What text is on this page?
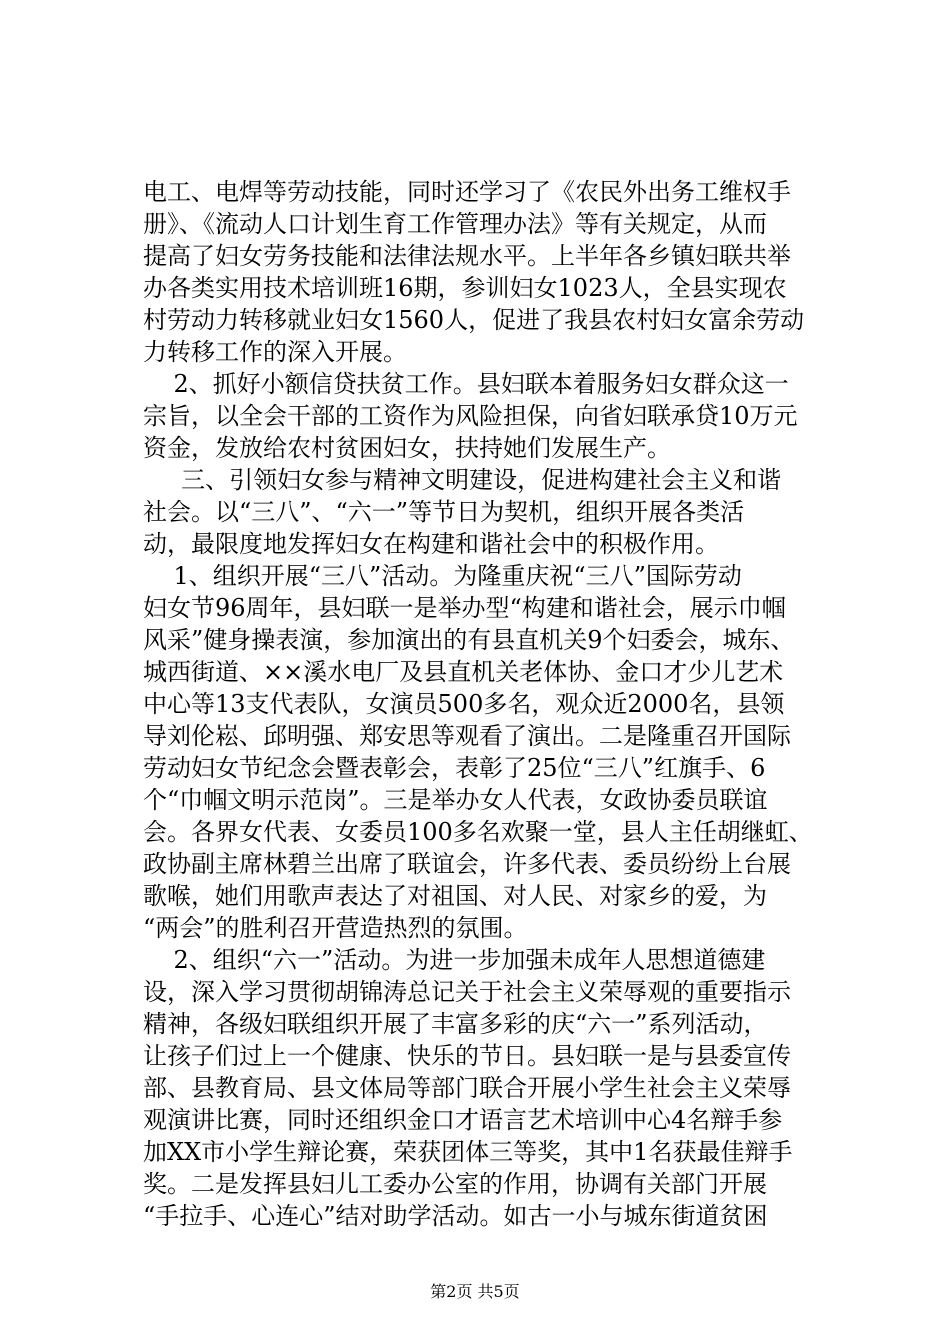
电工、电焊等劳动技能，同时还学习了《农民外出务工维权手
册》、《流动人口计划生育工作管理办法》等有关规定，从而
提高了妇女劳务技能和法律法规水平。上半年各乡镇妇联共举
办各类实用技术培训班16期，参训妇女1023人，全县实现农
村劳动力转移就业妇女1560人，促进了我县农村妇女富余劳动
力转移工作的深入开展。
2、抓好小额信贷扶贫工作。县妇联本着服务妇女群众这一
宗旨，以全会干部的工资作为风险担保，向省妇联承贷10万元
资金，发放给农村贫困妇女，扶持她们发展生产。
三、引领妇女参与精神文明建设，促进构建社会主义和谐
社会。以“三八”、“六一”等节日为契机，组织开展各类活
动，最限度地发挥妇女在构建和谐社会中的积极作用。
1、组织开展“三八”活动。为隆重庆祝“三八”国际劳动
妇女节96周年，县妇联一是举办型“构建和谐社会，展示巾帼
风采”健身操表演，参加演出的有县直机关9个妇委会，城东、
城西街道、××溪水电厂及县直机关老体协、金口才少儿艺术
中心等13支代表队，女演员500多名，观众近2000名，县领
导刘伦崧、邱明强、郑安思等观看了演出。二是隆重召开国际
劳动妇女节纪念会暨表彰会，表彰了25位“三八”红旗手、6
个“巾帼文明示范岗”。三是举办女人代表，女政协委员联谊
会。各界女代表、女委员100多名欢聚一堂，县人主任胡继虹、
政协副主席林碧兰出席了联谊会，许多代表、委员纷纷上台展
歌喉，她们用歌声表达了对祖国、对人民、对家乡的爱，为
“两会”的胜利召开营造热烈的氛围。
2、组织“六一”活动。为进一步加强未成年人思想道德建
设，深入学习贯彻胡锦涛总记关于社会主义荣辱观的重要指示
精神，各级妇联组织开展了丰富多彩的庆“六一”系列活动，
让孩子们过上一个健康、快乐的节日。县妇联一是与县委宣传
部、县教育局、县文体局等部门联合开展小学生社会主义荣辱
观演讲比赛，同时还组织金口才语言艺术培训中心4名辩手参
加XX市小学生辩论赛，荣获团体三等奖，其中1名获最佳辩手
奖。二是发挥县妇儿工委办公室的作用，协调有关部门开展
“手拉手、心连心”结对助学活动。如古一小与城东街道贫困
第2页 共5页
